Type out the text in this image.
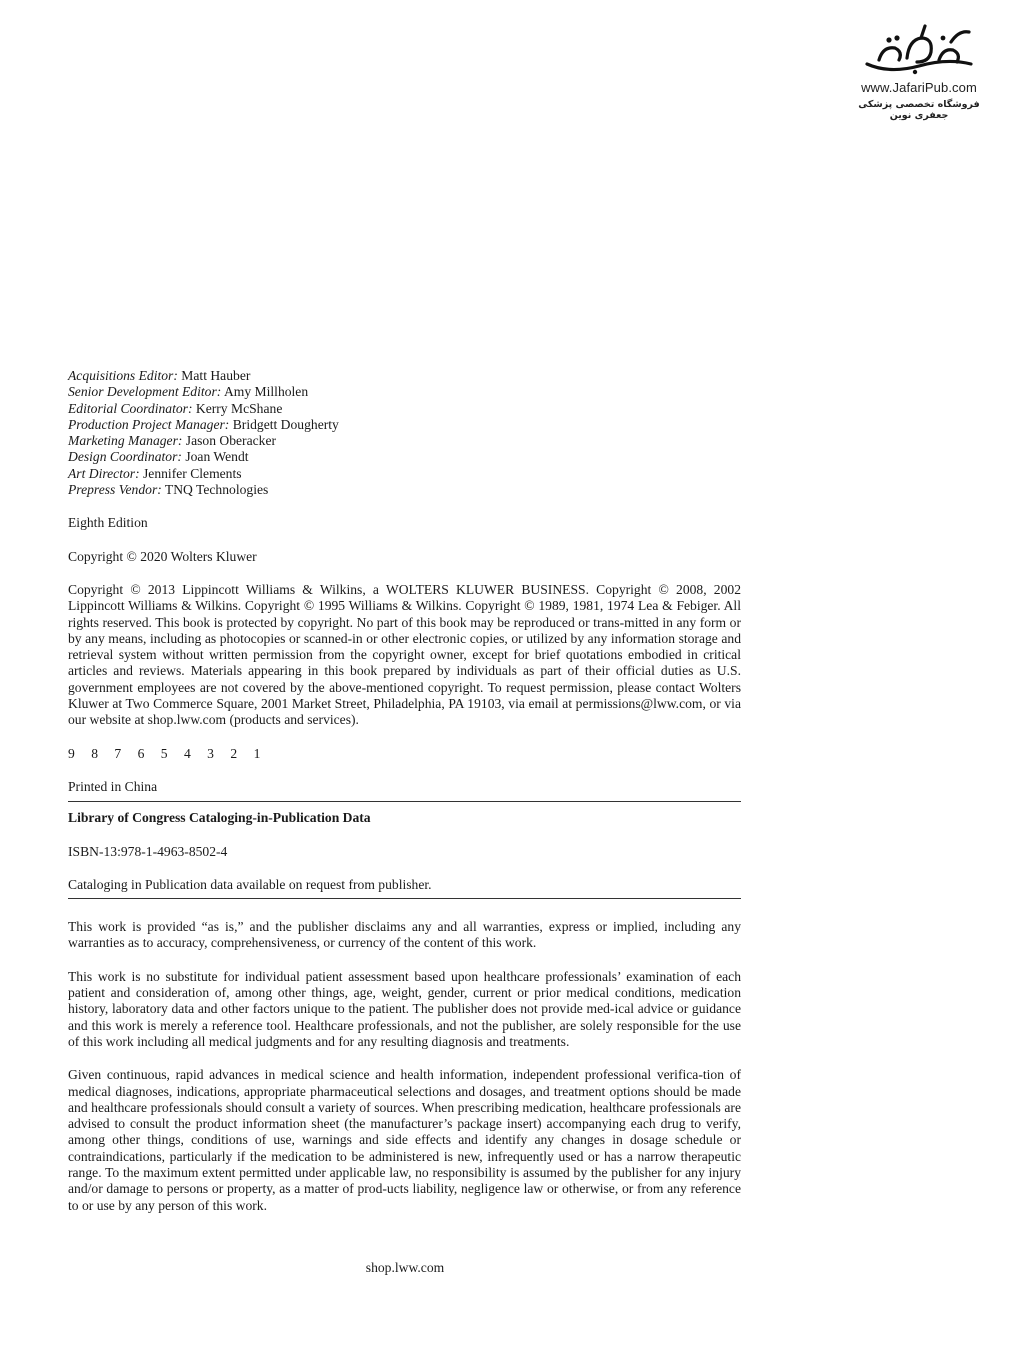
www.JafariPub.com
فروشگاه تخصصی پزشکی جعفری نوین
Acquisitions Editor: Matt Hauber
Senior Development Editor: Amy Millholen
Editorial Coordinator: Kerry McShane
Production Project Manager: Bridgett Dougherty
Marketing Manager: Jason Oberacker
Design Coordinator: Joan Wendt
Art Director: Jennifer Clements
Prepress Vendor: TNQ Technologies

Eighth Edition

Copyright © 2020 Wolters Kluwer

Copyright © 2013 Lippincott Williams & Wilkins, a WOLTERS KLUWER BUSINESS. Copyright © 2008, 2002 Lippincott Williams & Wilkins. Copyright © 1995 Williams & Wilkins. Copyright © 1989, 1981, 1974 Lea & Febiger. All rights reserved. This book is protected by copyright. No part of this book may be reproduced or trans-mitted in any form or by any means, including as photocopies or scanned-in or other electronic copies, or utilized by any information storage and retrieval system without written permission from the copyright owner, except for brief quotations embodied in critical articles and reviews. Materials appearing in this book prepared by individuals as part of their official duties as U.S. government employees are not covered by the above-mentioned copyright. To request permission, please contact Wolters Kluwer at Two Commerce Square, 2001 Market Street, Philadelphia, PA 19103, via email at permissions@lww.com, or via our website at shop.lww.com (products and services).

9 8 7 6 5 4 3 2 1

Printed in China

Library of Congress Cataloging-in-Publication Data

ISBN-13:978-1-4963-8502-4

Cataloging in Publication data available on request from publisher.

This work is provided “as is,” and the publisher disclaims any and all warranties, express or implied, including any warranties as to accuracy, comprehensiveness, or currency of the content of this work.

This work is no substitute for individual patient assessment based upon healthcare professionals’ examination of each patient and consideration of, among other things, age, weight, gender, current or prior medical conditions, medication history, laboratory data and other factors unique to the patient. The publisher does not provide med-ical advice or guidance and this work is merely a reference tool. Healthcare professionals, and not the publisher, are solely responsible for the use of this work including all medical judgments and for any resulting diagnosis and treatments.

Given continuous, rapid advances in medical science and health information, independent professional verifica-tion of medical diagnoses, indications, appropriate pharmaceutical selections and dosages, and treatment options should be made and healthcare professionals should consult a variety of sources. When prescribing medication, healthcare professionals are advised to consult the product information sheet (the manufacturer’s package insert) accompanying each drug to verify, among other things, conditions of use, warnings and side effects and identify any changes in dosage schedule or contraindications, particularly if the medication to be administered is new, infrequently used or has a narrow therapeutic range. To the maximum extent permitted under applicable law, no responsibility is assumed by the publisher for any injury and/or damage to persons or property, as a matter of prod-ucts liability, negligence law or otherwise, or from any reference to or use by any person of this work.

shop.lww.com
